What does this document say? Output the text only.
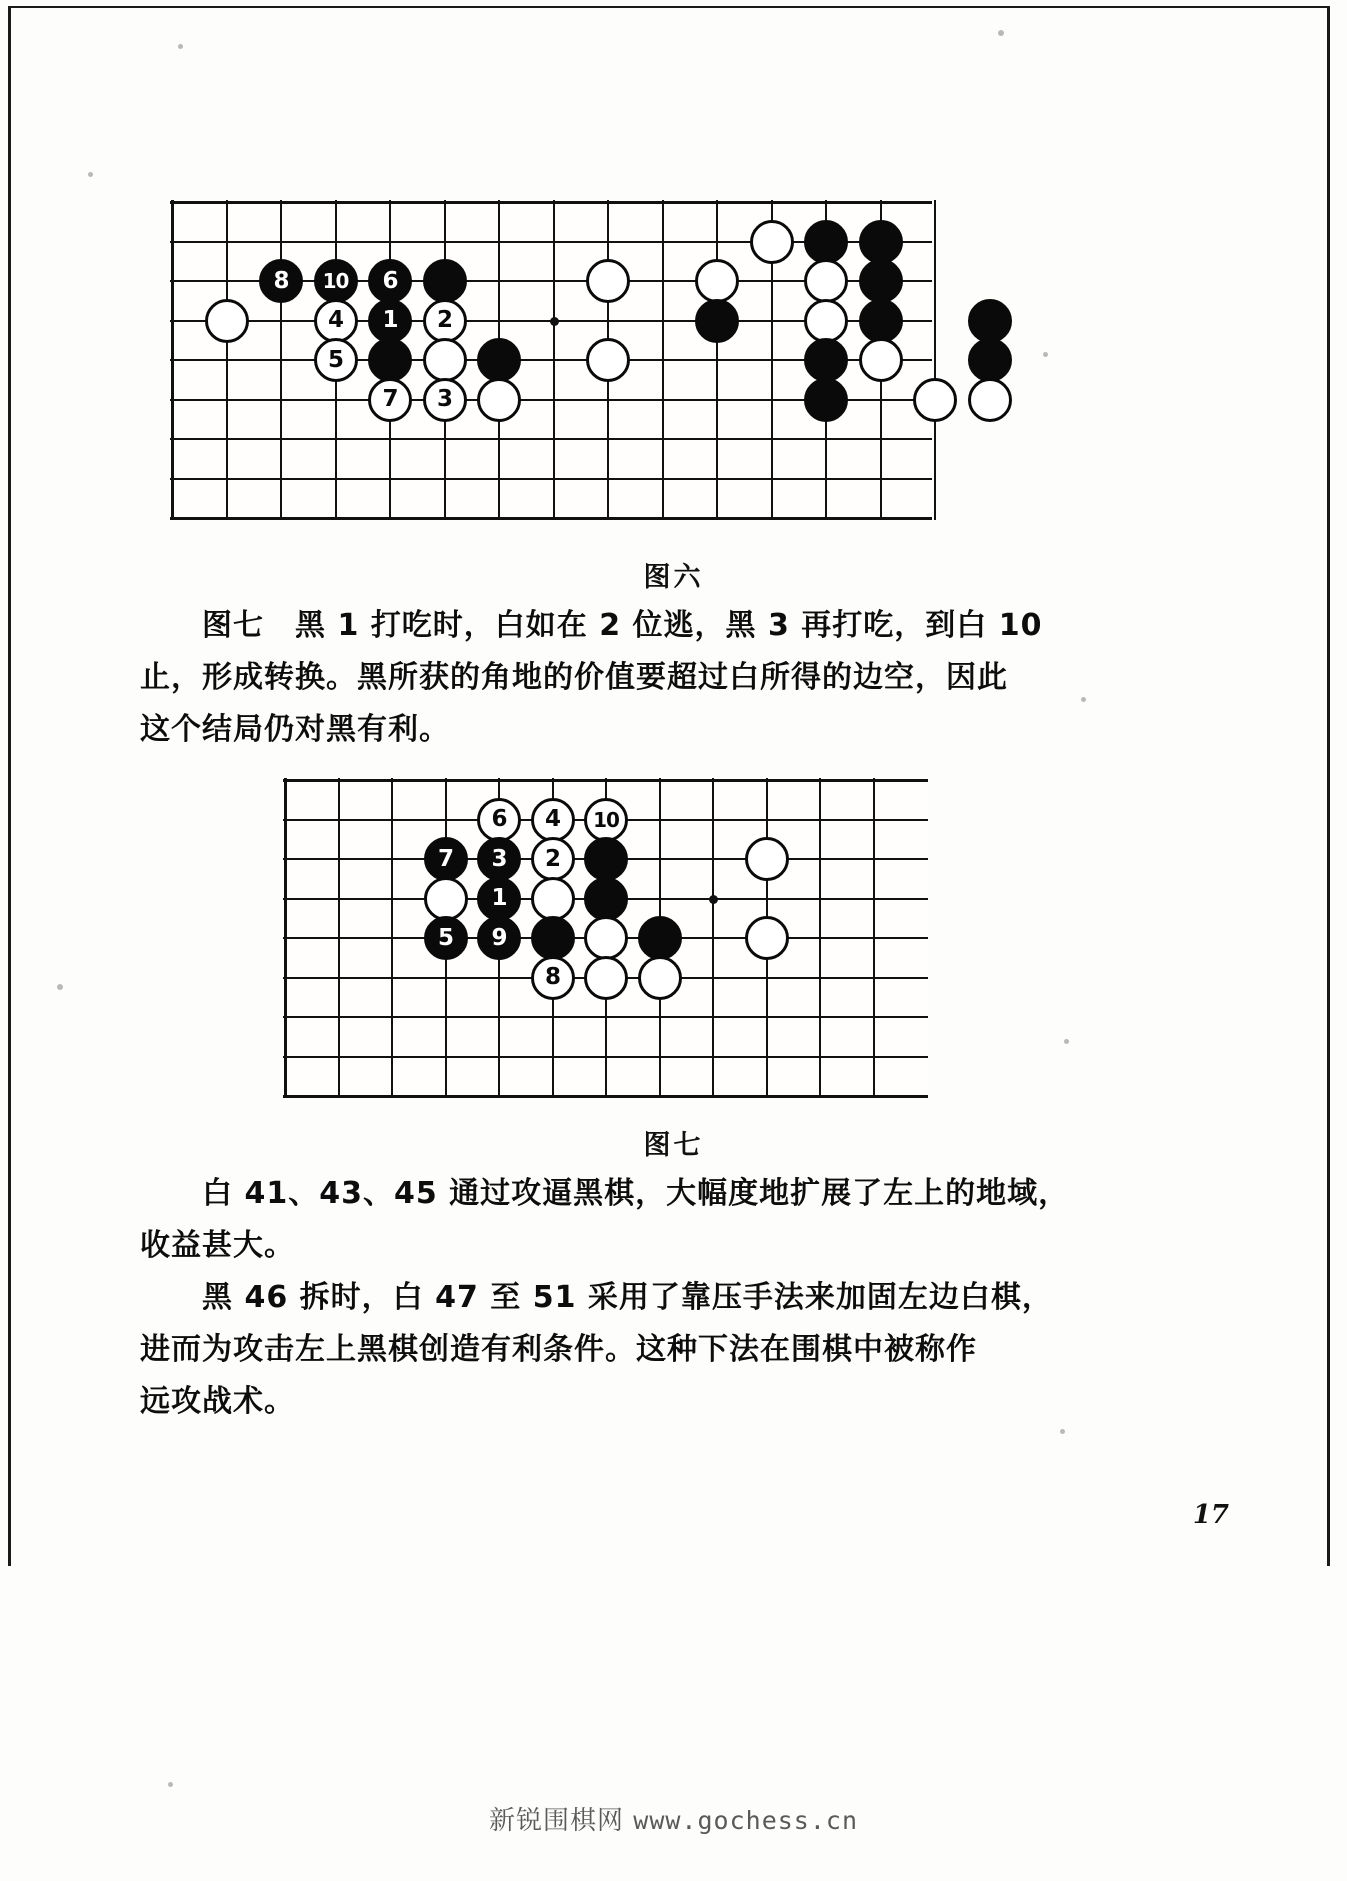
8 10 6
4 1 2
5
7 3
图六
图七　黑 1 打吃时，白如在 2 位逃，黑 3 再打吃，到白 10
止，形成转换。黑所获的角地的价值要超过白所得的边空，因此
这个结局仍对黑有利。
6 4 10
7 3 2
1
5 9
8
图七
白 41、43、45 通过攻逼黑棋，大幅度地扩展了左上的地域，
收益甚大。
黑 46 拆时，白 47 至 51 采用了靠压手法来加固左边白棋，
进而为攻击左上黑棋创造有利条件。这种下法在围棋中被称作
远攻战术。
17
新锐围棋网 www.gochess.cn
